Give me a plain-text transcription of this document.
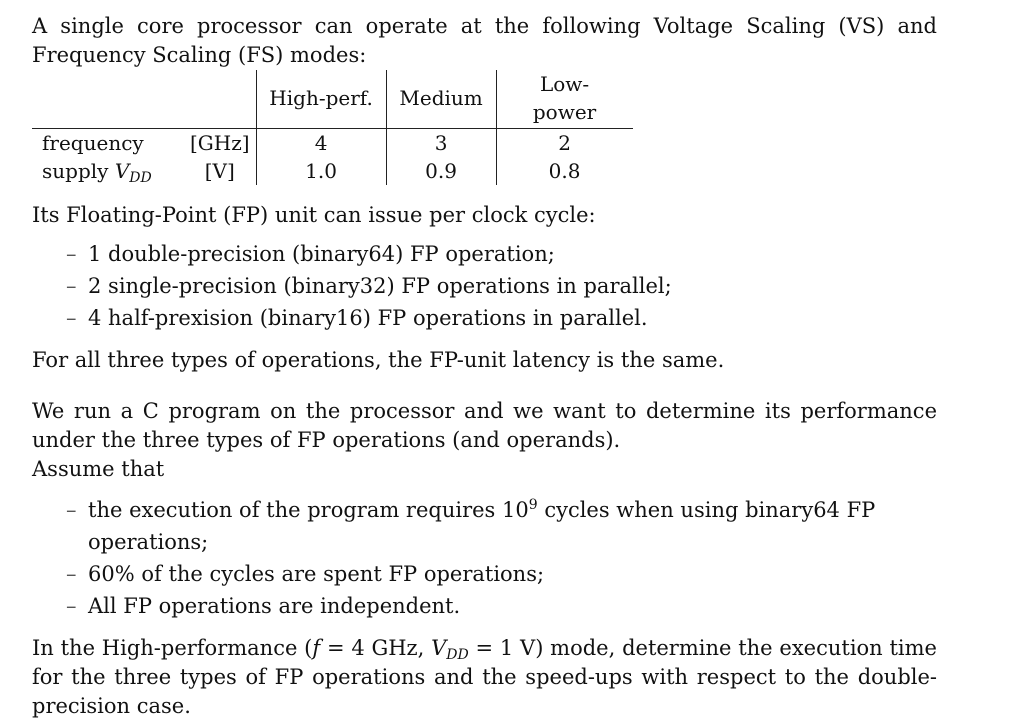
A single core processor can operate at the following Voltage Scaling (VS) and Frequency Scaling (FS) modes:

		High-perf.	Medium	Low-power
frequency	[GHz]	4	3	2
supply $V_{DD}$	[V]	1.0	0.9	0.8

Its Floating-Point (FP) unit can issue per clock cycle:

– 1 double-precision (binary64) FP operation;
– 2 single-precision (binary32) FP operations in parallel;
– 4 half-prexision (binary16) FP operations in parallel.

For all three types of operations, the FP-unit latency is the same.

We run a C program on the processor and we want to determine its performance under the three types of FP operations (and operands).

Assume that

– the execution of the program requires $10^9$ cycles when using binary64 FP operations;
– 60% of the cycles are spent FP operations;
– All FP operations are independent.

In the High-performance (f = 4 GHz, $V_{DD} = 1$ V) mode, determine the execution time for the three types of FP operations and the speed-ups with respect to the double-precision case.
